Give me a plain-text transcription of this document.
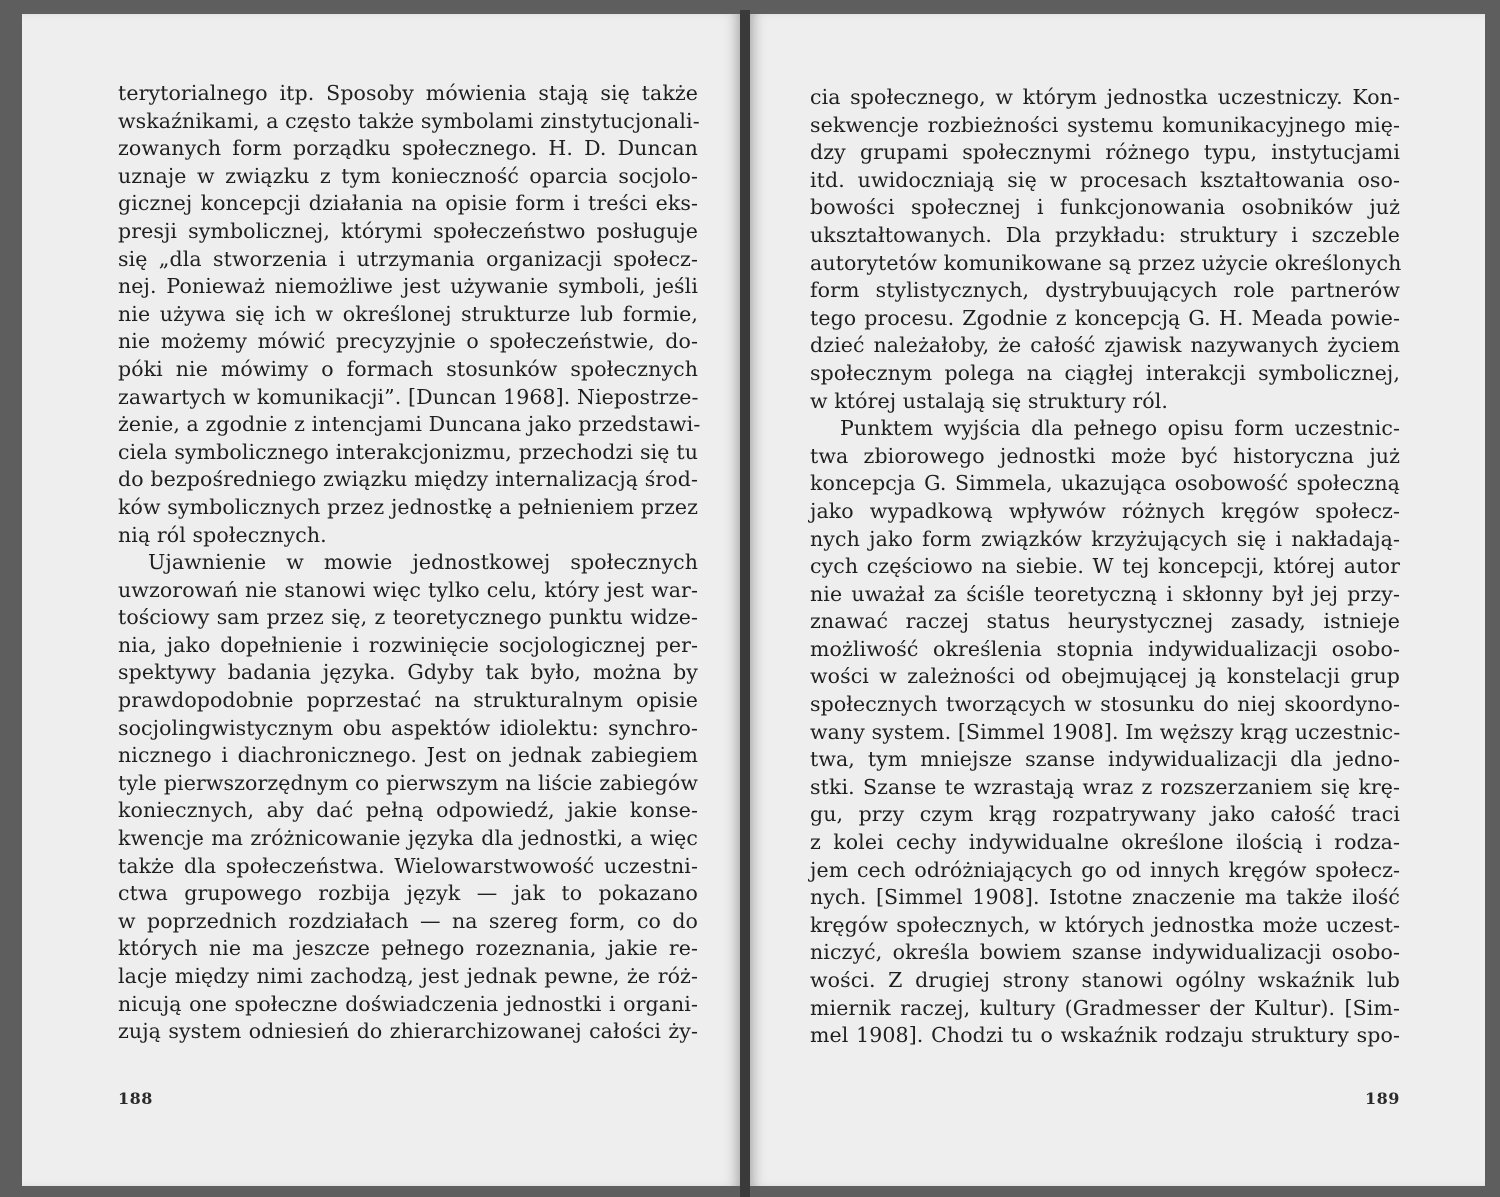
terytorialnego itp. Sposoby mówienia stają się także
wskaźnikami, a często także symbolami zinstytucjonali-
zowanych form porządku społecznego. H. D. Duncan
uznaje w związku z tym konieczność oparcia socjolo-
gicznej koncepcji działania na opisie form i treści eks-
presji symbolicznej, którymi społeczeństwo posługuje
się „dla stworzenia i utrzymania organizacji społecz-
nej. Ponieważ niemożliwe jest używanie symboli, jeśli
nie używa się ich w określonej strukturze lub formie,
nie możemy mówić precyzyjnie o społeczeństwie, do-
póki nie mówimy o formach stosunków społecznych
zawartych w komunikacji”. [Duncan 1968]. Niepostrze-
żenie, a zgodnie z intencjami Duncana jako przedstawi-
ciela symbolicznego interakcjonizmu, przechodzi się tu
do bezpośredniego związku między internalizacją środ-
ków symbolicznych przez jednostkę a pełnieniem przez
nią ról społecznych.
Ujawnienie w mowie jednostkowej społecznych
uwzorowań nie stanowi więc tylko celu, który jest war-
tościowy sam przez się, z teoretycznego punktu widze-
nia, jako dopełnienie i rozwinięcie socjologicznej per-
spektywy badania języka. Gdyby tak było, można by
prawdopodobnie poprzestać na strukturalnym opisie
socjolingwistycznym obu aspektów idiolektu: synchro-
nicznego i diachronicznego. Jest on jednak zabiegiem
tyle pierwszorzędnym co pierwszym na liście zabiegów
koniecznych, aby dać pełną odpowiedź, jakie konse-
kwencje ma zróżnicowanie języka dla jednostki, a więc
także dla społeczeństwa. Wielowarstwowość uczestni-
ctwa grupowego rozbija język — jak to pokazano
w poprzednich rozdziałach — na szereg form, co do
których nie ma jeszcze pełnego rozeznania, jakie re-
lacje między nimi zachodzą, jest jednak pewne, że róż-
nicują one społeczne doświadczenia jednostki i organi-
zują system odniesień do zhierarchizowanej całości ży-
188
cia społecznego, w którym jednostka uczestniczy. Kon-
sekwencje rozbieżności systemu komunikacyjnego mię-
dzy grupami społecznymi różnego typu, instytucjami
itd. uwidoczniają się w procesach kształtowania oso-
bowości społecznej i funkcjonowania osobników już
ukształtowanych. Dla przykładu: struktury i szczeble
autorytetów komunikowane są przez użycie określonych
form stylistycznych, dystrybuujących role partnerów
tego procesu. Zgodnie z koncepcją G. H. Meada powie-
dzieć należałoby, że całość zjawisk nazywanych życiem
społecznym polega na ciągłej interakcji symbolicznej,
w której ustalają się struktury ról.
Punktem wyjścia dla pełnego opisu form uczestnic-
twa zbiorowego jednostki może być historyczna już
koncepcja G. Simmela, ukazująca osobowość społeczną
jako wypadkową wpływów różnych kręgów społecz-
nych jako form związków krzyżujących się i nakładają-
cych częściowo na siebie. W tej koncepcji, której autor
nie uważał za ściśle teoretyczną i skłonny był jej przy-
znawać raczej status heurystycznej zasady, istnieje
możliwość określenia stopnia indywidualizacji osobo-
wości w zależności od obejmującej ją konstelacji grup
społecznych tworzących w stosunku do niej skoordyno-
wany system. [Simmel 1908]. Im węższy krąg uczestnic-
twa, tym mniejsze szanse indywidualizacji dla jedno-
stki. Szanse te wzrastają wraz z rozszerzaniem się krę-
gu, przy czym krąg rozpatrywany jako całość traci
z kolei cechy indywidualne określone ilością i rodza-
jem cech odróżniających go od innych kręgów społecz-
nych. [Simmel 1908]. Istotne znaczenie ma także ilość
kręgów społecznych, w których jednostka może uczest-
niczyć, określa bowiem szanse indywidualizacji osobo-
wości. Z drugiej strony stanowi ogólny wskaźnik lub
miernik raczej, kultury (Gradmesser der Kultur). [Sim-
mel 1908]. Chodzi tu o wskaźnik rodzaju struktury spo-
189
